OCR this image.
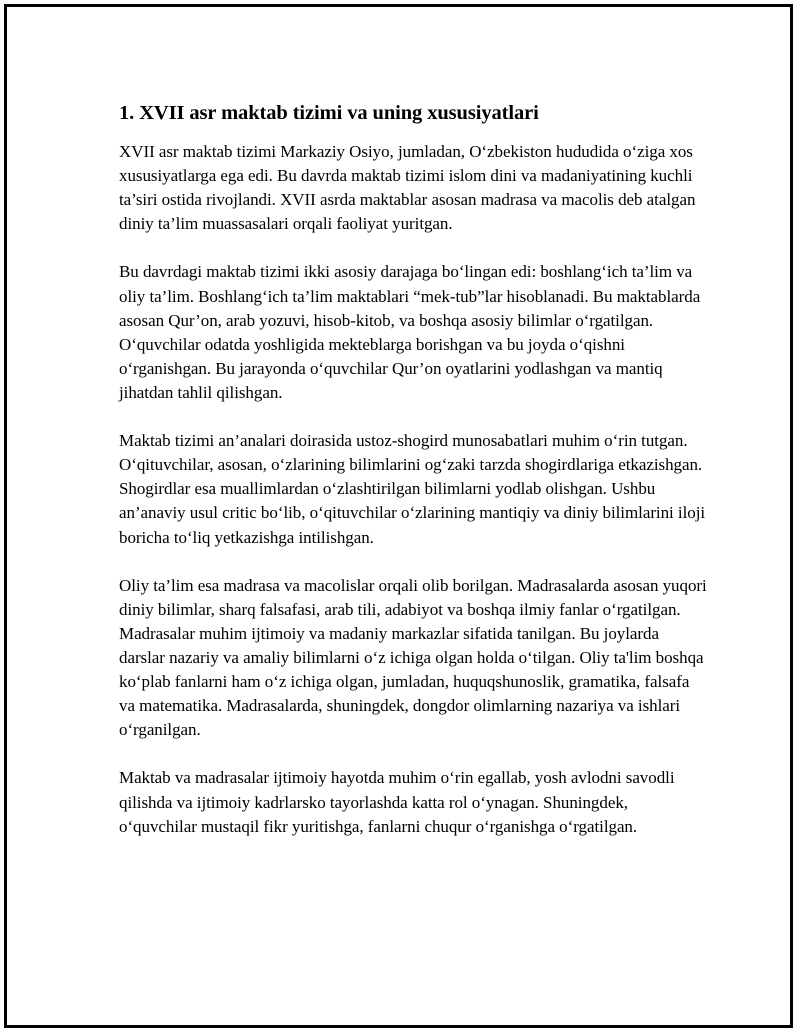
1. XVII asr maktab tizimi va uning xususiyatlari

XVII asr maktab tizimi Markaziy Osiyo, jumladan, O‘zbekiston hududida o‘ziga xos xususiyatlarga ega edi. Bu davrda maktab tizimi islom dini va madaniyatining kuchli ta’siri ostida rivojlandi. XVII asrda maktablar asosan madrasa va macolis deb atalgan diniy ta’lim muassasalari orqali faoliyat yuritgan.

Bu davrdagi maktab tizimi ikki asosiy darajaga bo‘lingan edi: boshlang‘ich ta’lim va oliy ta’lim. Boshlang‘ich ta’lim maktablari “mek-tub”lar hisoblanadi. Bu maktablarda asosan Qur’on, arab yozuvi, hisob-kitob, va boshqa asosiy bilimlar o‘rgatilgan. O‘quvchilar odatda yoshligida mekteblarga borishgan va bu joyda o‘qishni o‘rganishgan. Bu jarayonda o‘quvchilar Qur’on oyatlarini yodlashgan va mantiq jihatdan tahlil qilishgan.

Maktab tizimi an’analari doirasida ustoz-shogird munosabatlari muhim o‘rin tutgan. O‘qituvchilar, asosan, o‘zlarining bilimlarini og‘zaki tarzda shogirdlariga etkazishgan. Shogirdlar esa muallimlardan o‘zlashtirilgan bilimlarni yodlab olishgan. Ushbu an’anaviy usul critic bo‘lib, o‘qituvchilar o‘zlarining mantiqiy va diniy bilimlarini iloji boricha to‘liq yetkazishga intilishgan.

Oliy ta’lim esa madrasa va macolislar orqali olib borilgan. Madrasalarda asosan yuqori diniy bilimlar, sharq falsafasi, arab tili, adabiyot va boshqa ilmiy fanlar o‘rgatilgan. Madrasalar muhim ijtimoiy va madaniy markazlar sifatida tanilgan. Bu joylarda darslar nazariy va amaliy bilimlarni o‘z ichiga olgan holda o‘tilgan. Oliy ta'lim boshqa ko‘plab fanlarni ham o‘z ichiga olgan, jumladan, huquqshunoslik, gramatika, falsafa va matematika. Madrasalarda, shuningdek, dongdor olimlarning nazariya va ishlari o‘rganilgan.

Maktab va madrasalar ijtimoiy hayotda muhim o‘rin egallab, yosh avlodni savodli qilishda va ijtimoiy kadrlarsko tayorlashda katta rol o‘ynagan. Shuningdek, o‘quvchilar mustaqil fikr yuritishga, fanlarni chuqur o‘rganishga o‘rgatilgan.
